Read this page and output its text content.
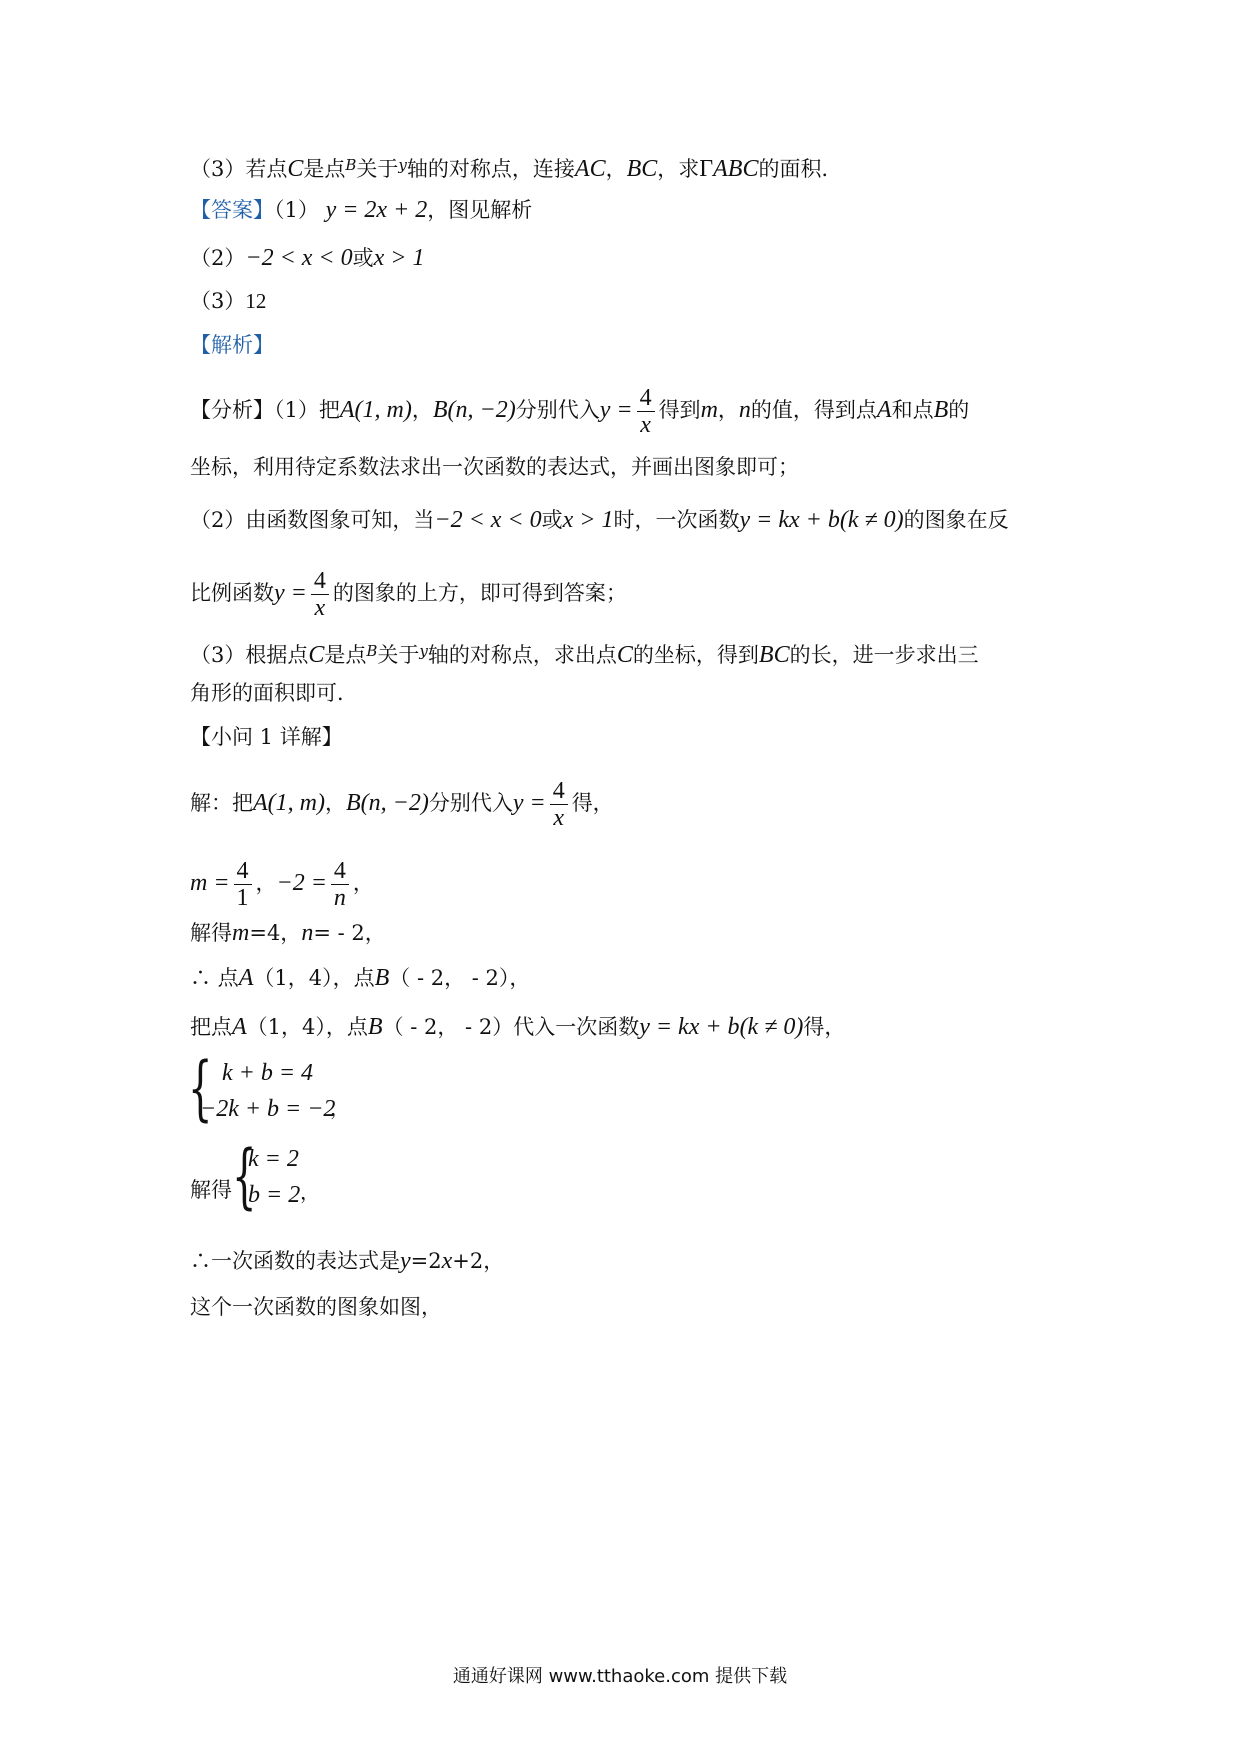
（3）若点C是点$^B$关于$^y$轴的对称点，连接AC，BC，求ΓABC的面积．
【答案】（1） y = 2x + 2，图见解析
（2）−2 < x < 0或x > 1
（3）12
【解析】
【分析】（1）把A(1, m)，B(n, −2)分别代入$y = \frac{4}{x}$ 得到m，n的值，得到点A和点B的
坐标，利用待定系数法求出一次函数的表达式，并画出图象即可；
（2）由函数图象可知，当−2 < x < 0或x > 1时，一次函数y = kx + b(k ≠ 0)的图象在反
比例函数$y = \frac{4}{x}$ 的图象的上方，即可得到答案；
（3）根据点C是点$^B$关于$^y$轴的对称点，求出点C的坐标，得到BC的长，进一步求出三
角形的面积即可．
【小问 1 详解】
解：把A(1, m)，B(n, −2)分别代入$y = \frac{4}{x}$ 得，
$m = \frac{4}{1}$ ，$-2 = \frac{4}{n}$ ，
解得m=4，n= - 2，
∴ 点A（1，4），点B（ - 2， - 2），
把点A（1，4），点B（ - 2， - 2）代入一次函数y = kx + b(k ≠ 0)得，
{ k + b = 4
−2k + b = −2
，
解得 {
k = 2
b = 2 ，
∴一次函数的表达式是y=2x+2，
这个一次函数的图象如图，
通通好课网 www.tthaoke.com 提供下载
